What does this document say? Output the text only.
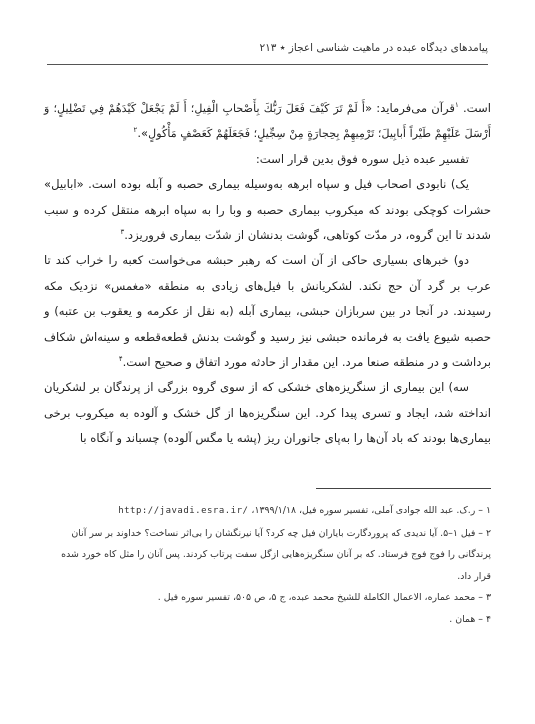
پیامدهای دیدگاه عبده در ماهیت شناسی اعجاز ٭ ۲۱۳

است. $^۱$قرآن می‌فرماید: «أَ لَمْ تَرَ كَيْفَ فَعَلَ رَبُّكَ بِأَصْحابِ الْفِيلِ؛ أَ لَمْ يَجْعَلْ كَيْدَهُمْ فِي تَضْلِيلٍ؛ وَ أَرْسَلَ عَلَيْهِمْ طَيْراً أَبابِيلَ؛ تَرْمِيهِمْ بِحِجارَةٍ مِنْ سِجِّيلٍ؛ فَجَعَلَهُمْ كَعَصْفٍ مَأْكُولٍ».$^۲$

تفسیر عبده ذیل سوره فوق بدین قرار است:

یک) نابودی اصحاب فیل و سپاه ابرهه به‌وسیله بیماری حصبه و آبله بوده است. «ابابیل» حشرات کوچکی بودند که میکروب بیماری حصبه و وبا را به سپاه ابرهه منتقل کرده و سبب شدند تا این گروه، در مدّت کوتاهی، گوشت بدنشان از شدّت بیماری فروریزد.$^۳$

دو) خبرهای بسیاری حاکی از آن است که رهبر حبشه می‌خواست کعبه را خراب کند تا عرب بر گرد آن حج نکند. لشکریانش با فیل‌های زیادی به منطقه «مغمس» نزدیک مکه رسیدند. در آنجا در بین سربازان حبشی، بیماری آبله (به نقل از عکرمه و یعقوب بن عتبه) و حصبه شیوع یافت به فرمانده حبشی نیز رسید و گوشت بدنش قطعه‌قطعه و سینه‌اش شکاف برداشت و در منطقه صنعا مرد. این مقدار از حادثه مورد اتفاق و صحیح است.$^۴$

سه) این بیماری از سنگریزه‌های خشکی که از سوی گروه بزرگی از پرندگان بر لشکریان انداخته شد، ایجاد و تسری پیدا کرد. این سنگریزه‌ها از گل خشک و آلوده به میکروب برخی بیماری‌ها بودند که باد آن‌ها را به‌پای جانوران ریز (پشه یا مگس آلوده) چسباند و آنگاه با

۱ – ر.ک. عبد الله جوادی آملی، تفسیر سوره فیل، ۱۳۹۹/۱/۱۸، http://javadi.esra.ir/

۲ – فیل ۱–۵. آیا ندیدی که پروردگارت بایاران فیل چه کرد؟ آیا نیرنگشان را بی‌اثر نساخت؟ خداوند بر سر آنان پرندگانی را فوج فوج فرستاد. که بر آنان سنگریزه‌هایی ازگل سفت پرتاب کردند. پس آنان را مثل کاه خورد شده قرار داد.

۳ – محمد عماره، الاعمال الكاملة للشیخ محمد عبده، ج ۵، ص ۵۰۵، تفسیر سوره فیل .

۴ – همان .
